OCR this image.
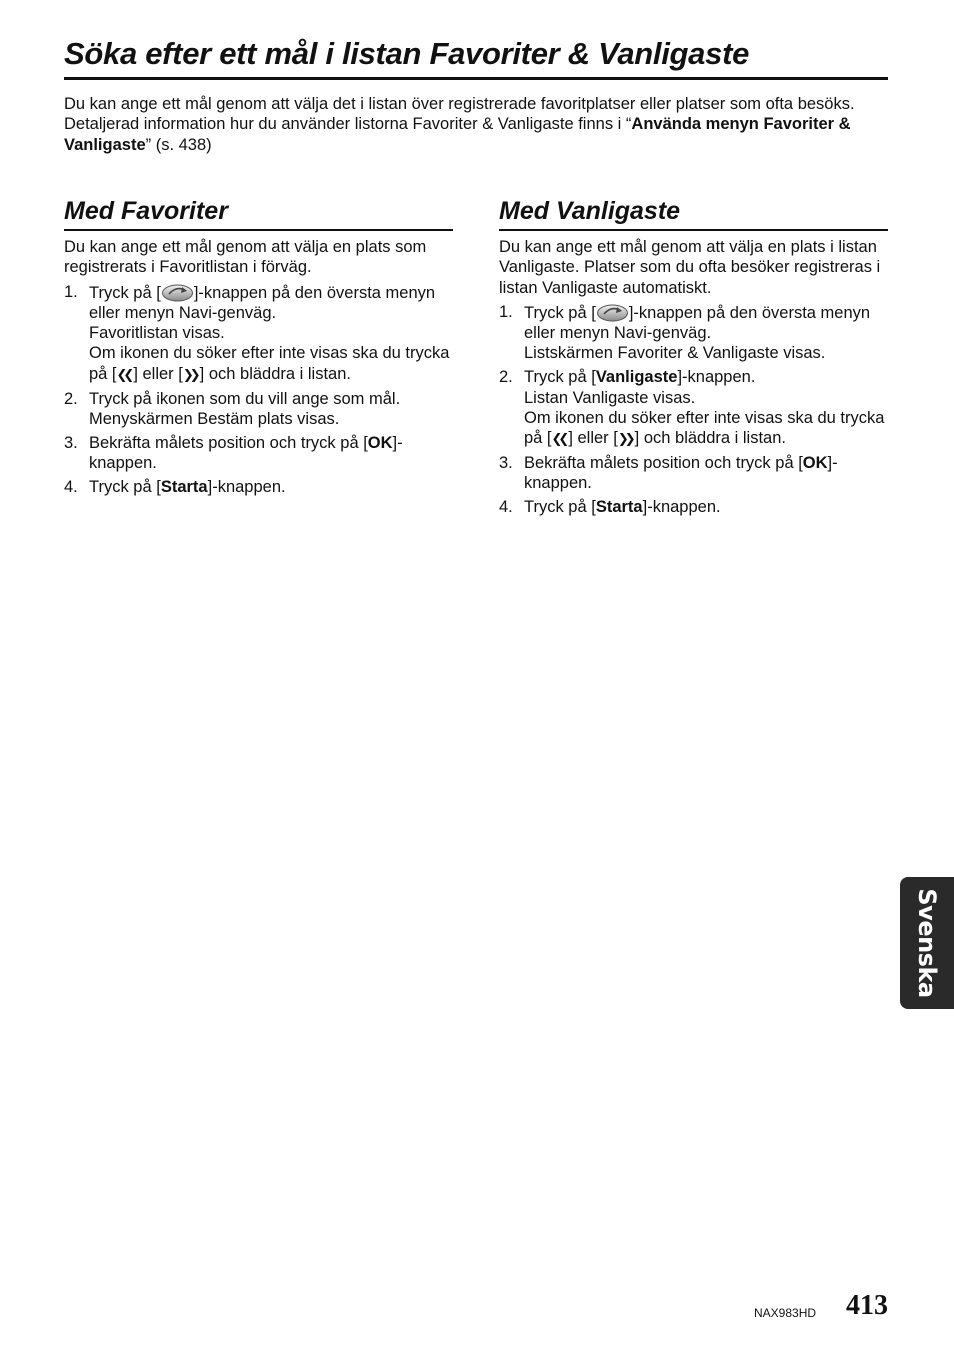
Söka efter ett mål i listan Favoriter & Vanligaste

Du kan ange ett mål genom att välja det i listan över registrerade favoritplatser eller platser som ofta besöks.

Detaljerad information hur du använder listorna Favoriter & Vanligaste finns i “Använda menyn Favoriter & Vanligaste” (s. 438)

Med Favoriter

Du kan ange ett mål genom att välja en plats som registrerats i Favoritlistan i förväg.

1. Tryck på [ ]-knappen på den översta menyn eller menyn Navi-genväg.
Favoritlistan visas.
Om ikonen du söker efter inte visas ska du trycka på [❮❮ ] eller [❯❯ ] och bläddra i listan.
2. Tryck på ikonen som du vill ange som mål. Menyskärmen Bestäm plats visas.
3. Bekräfta målets position och tryck på [OK]-knappen.
4. Tryck på [Starta]-knappen.
Med Vanligaste

Du kan ange ett mål genom att välja en plats i listan Vanligaste. Platser som du ofta besöker registreras i listan Vanligaste automatiskt.

1. Tryck på [ ]-knappen på den översta menyn eller menyn Navi-genväg.
Listskärmen Favoriter & Vanligaste visas.
2. Tryck på [Vanligaste]-knappen.
Listan Vanligaste visas.
Om ikonen du söker efter inte visas ska du trycka på [❮❮ ] eller [❯❯ ] och bläddra i listan.
3. Bekräfta målets position och tryck på [OK]-knappen.
4. Tryck på [Starta]-knappen.
Svenska
NAX983HD 413
